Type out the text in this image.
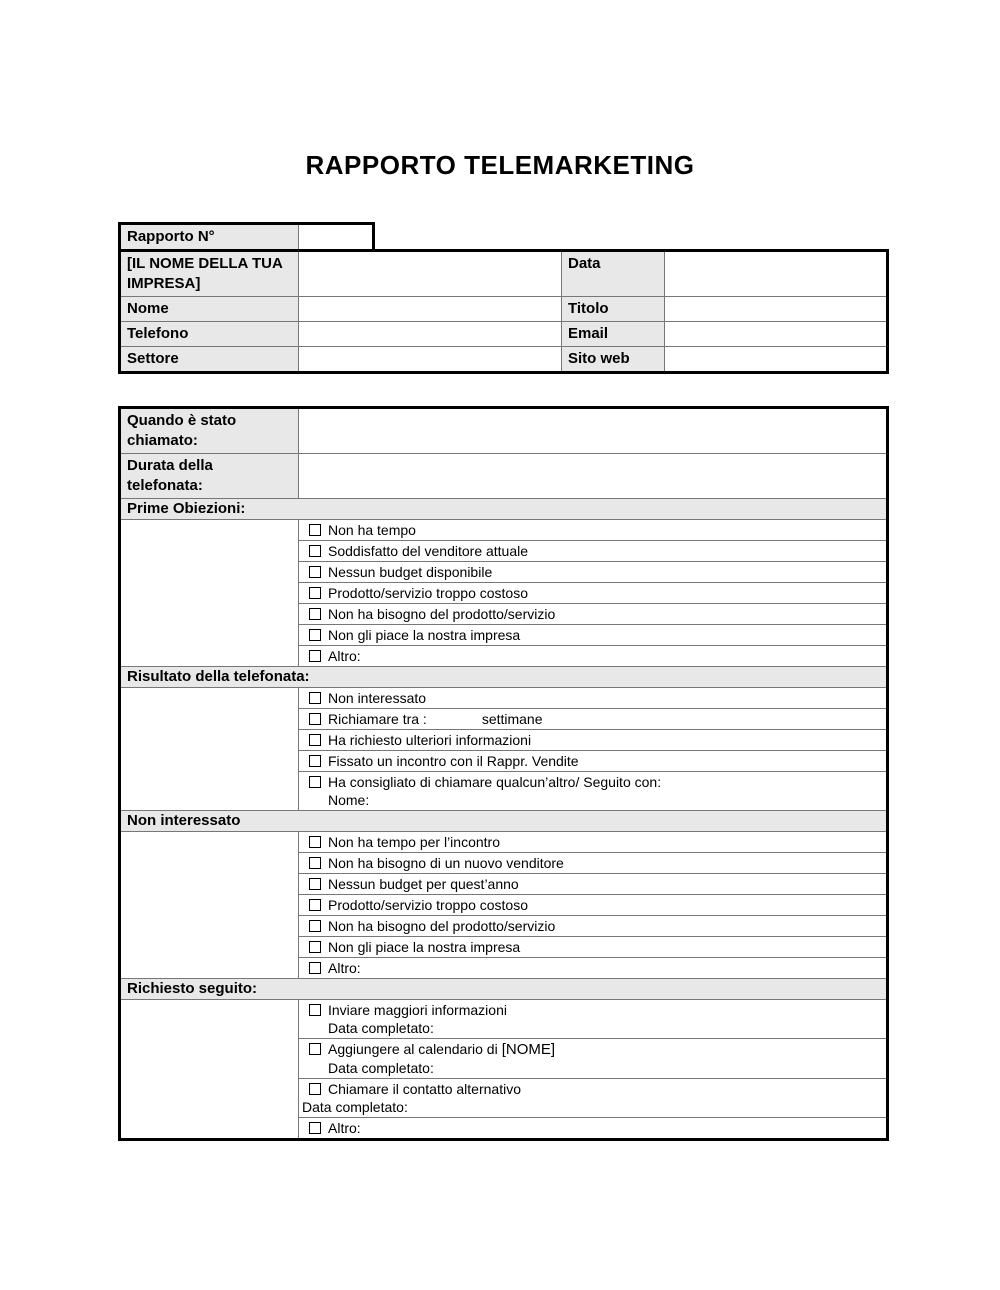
RAPPORTO TELEMARKETING
Rapporto N°	
[IL NOME DELLA TUA IMPRESA]		Data	
Nome		Titolo	
Telefono		Email	
Settore		Sito web	
Quando è stato chiamato:	
Durata della telefonata:	
Prime Obiezioni:	
	Non ha tempo
	Soddisfatto del venditore attuale
	Nessun budget disponibile
	Prodotto/servizio troppo costoso
	Non ha bisogno del prodotto/servizio
	Non gli piace la nostra impresa
	Altro:
Risultato della telefonata:	
	Non interessato
	Richiamare tra : settimane
	Ha richiesto ulteriori informazioni
	Fissato un incontro con il Rappr. Vendite
	Ha consigliato di chiamare qualcun’altro/ Seguito con:
Nome:

Non interessato	
	Non ha tempo per l’incontro
	Non ha bisogno di un nuovo venditore
	Nessun budget per quest’anno
	Prodotto/servizio troppo costoso
	Non ha bisogno del prodotto/servizio
	Non gli piace la nostra impresa
	Altro:
Richiesto seguito:	
	Inviare maggiori informazioni
Data completato:

	Aggiungere al calendario di [NOME]
Data completato:

	Chiamare il contatto alternativo
Data completato:

	Altro:
